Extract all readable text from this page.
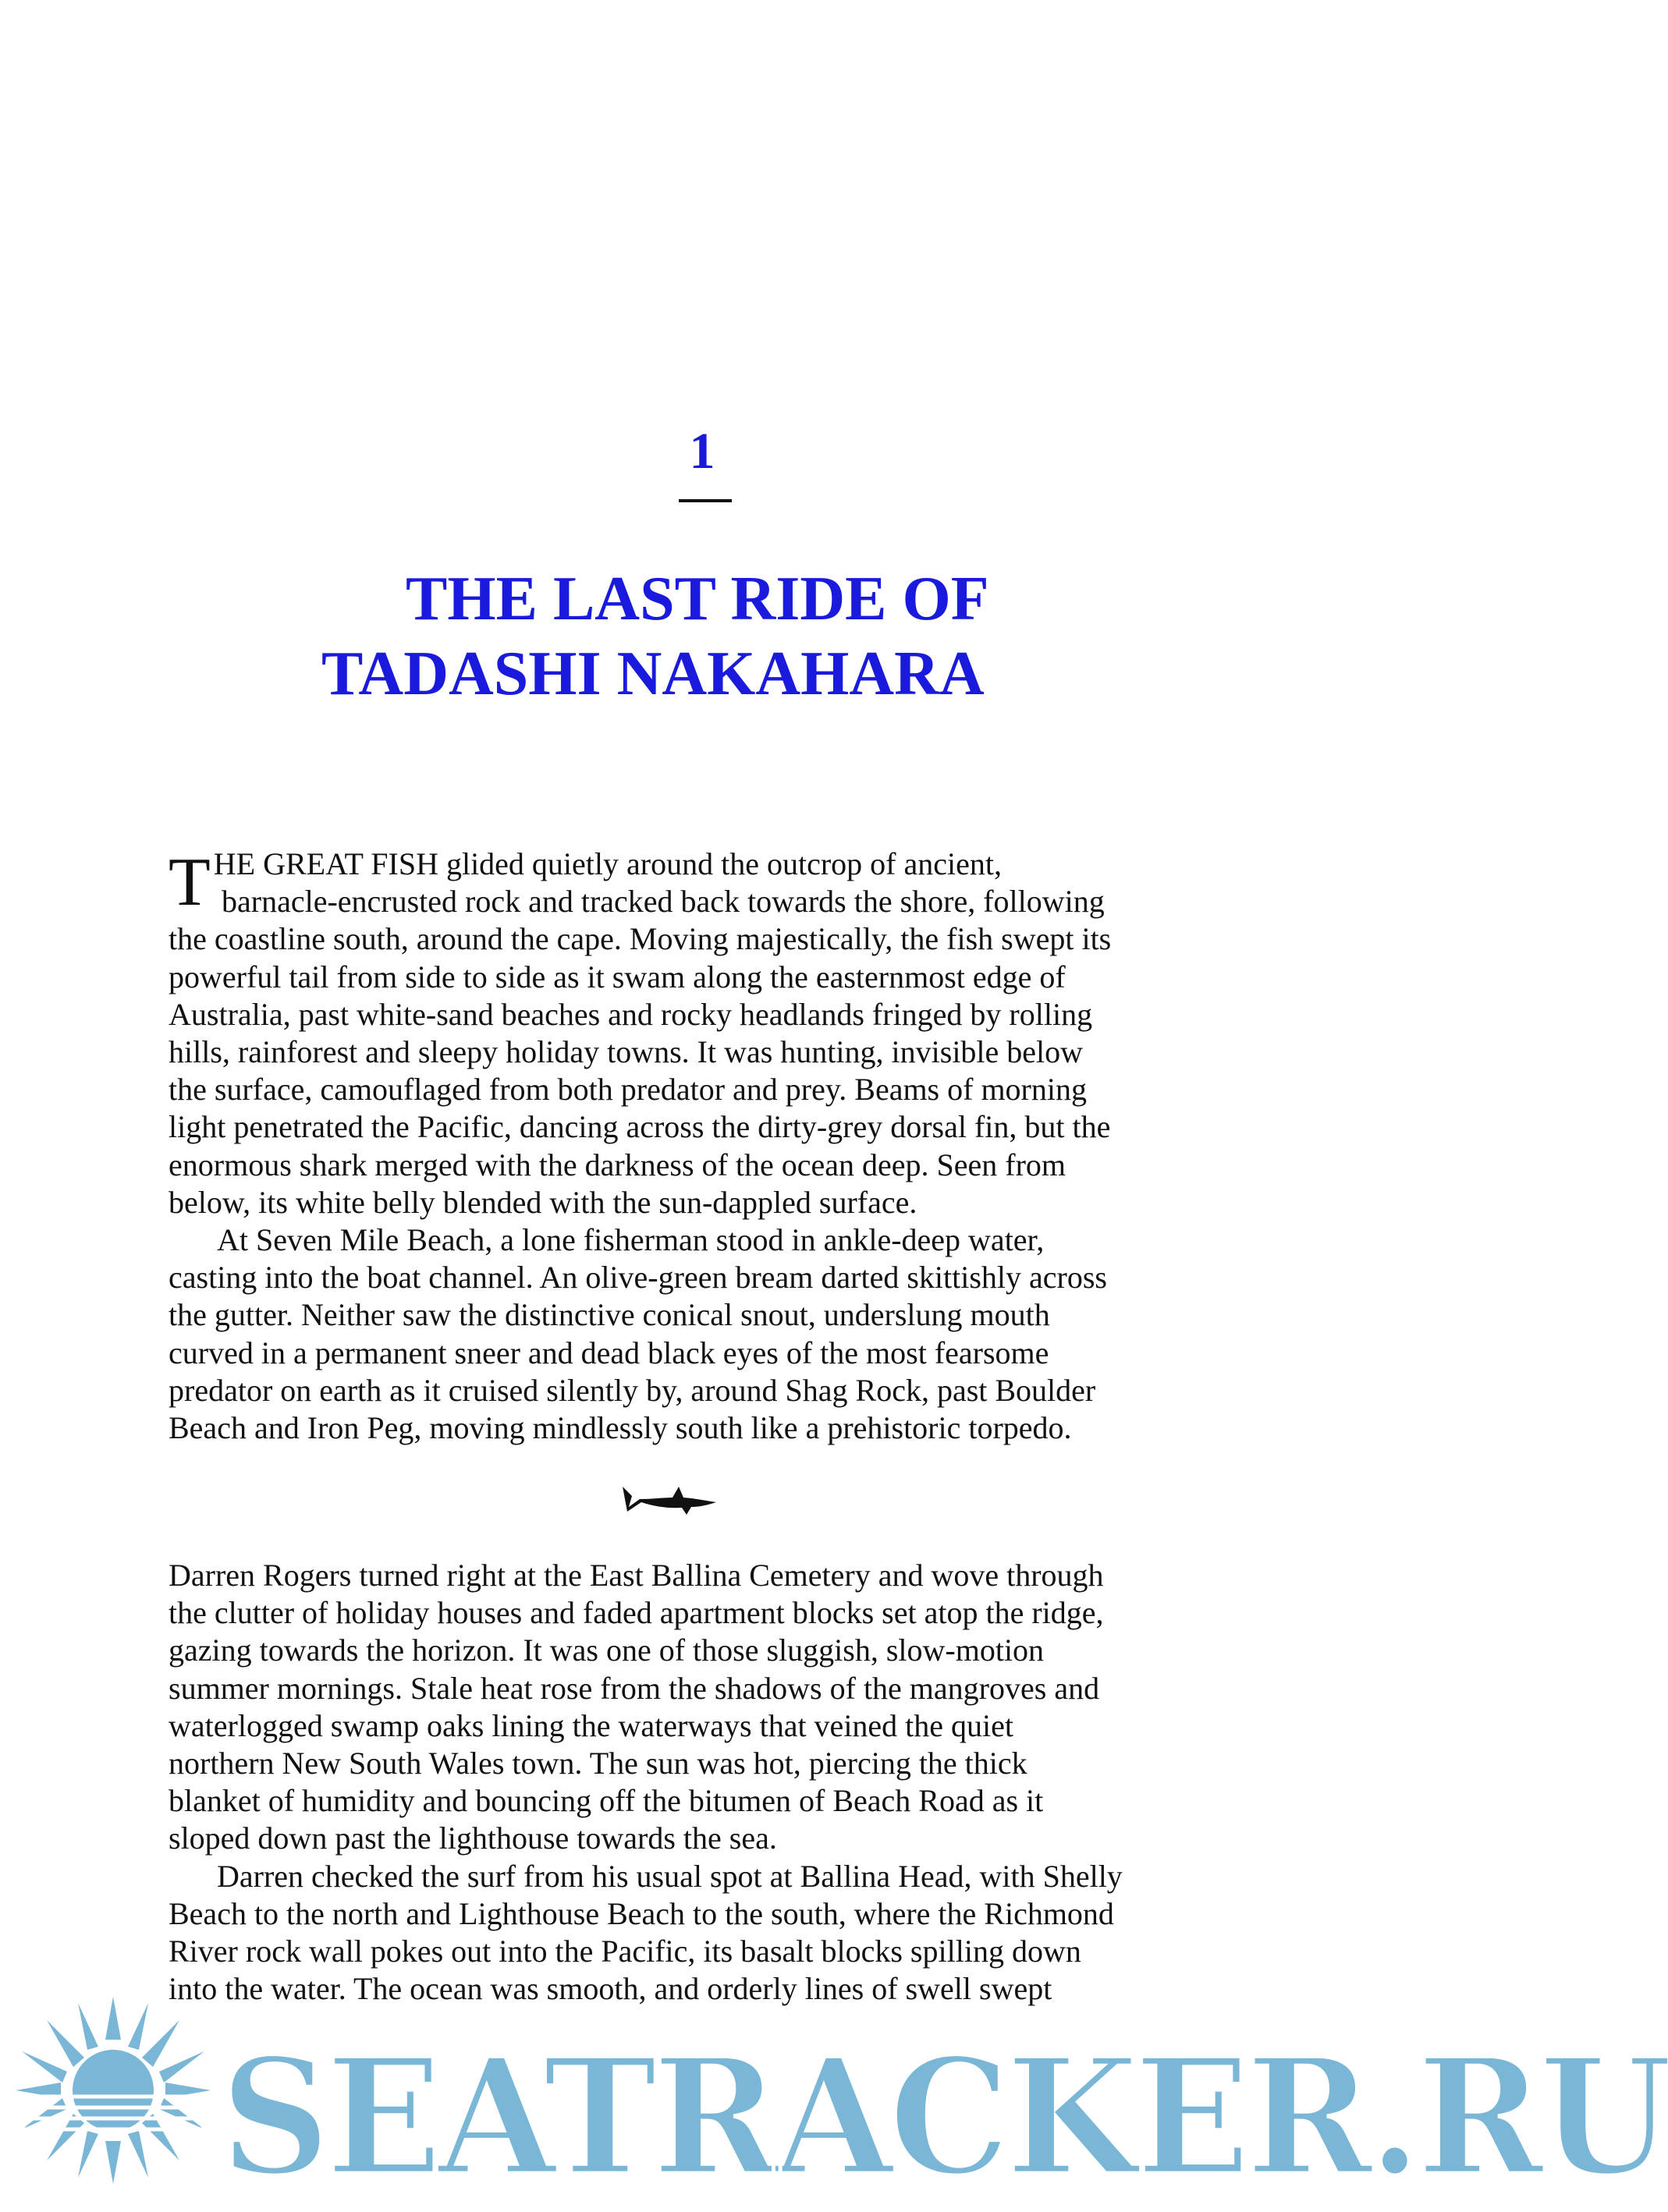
1
THE LAST RIDE OF
TADASHI NAKAHARA
T HE GREAT FISH glided quietly around the outcrop of ancient,
barnacle-encrusted rock and tracked back towards the shore, following
the coastline south, around the cape. Moving majestically, the fish swept its
powerful tail from side to side as it swam along the easternmost edge of
Australia, past white-sand beaches and rocky headlands fringed by rolling
hills, rainforest and sleepy holiday towns. It was hunting, invisible below
the surface, camouflaged from both predator and prey. Beams of morning
light penetrated the Pacific, dancing across the dirty-grey dorsal fin, but the
enormous shark merged with the darkness of the ocean deep. Seen from
below, its white belly blended with the sun-dappled surface.
At Seven Mile Beach, a lone fisherman stood in ankle-deep water,
casting into the boat channel. An olive-green bream darted skittishly across
the gutter. Neither saw the distinctive conical snout, underslung mouth
curved in a permanent sneer and dead black eyes of the most fearsome
predator on earth as it cruised silently by, around Shag Rock, past Boulder
Beach and Iron Peg, moving mindlessly south like a prehistoric torpedo.
Darren Rogers turned right at the East Ballina Cemetery and wove through
the clutter of holiday houses and faded apartment blocks set atop the ridge,
gazing towards the horizon. It was one of those sluggish, slow-motion
summer mornings. Stale heat rose from the shadows of the mangroves and
waterlogged swamp oaks lining the waterways that veined the quiet
northern New South Wales town. The sun was hot, piercing the thick
blanket of humidity and bouncing off the bitumen of Beach Road as it
sloped down past the lighthouse towards the sea.
Darren checked the surf from his usual spot at Ballina Head, with Shelly
Beach to the north and Lighthouse Beach to the south, where the Richmond
River rock wall pokes out into the Pacific, its basalt blocks spilling down
into the water. The ocean was smooth, and orderly lines of swell swept
SEATRACKER.RU
